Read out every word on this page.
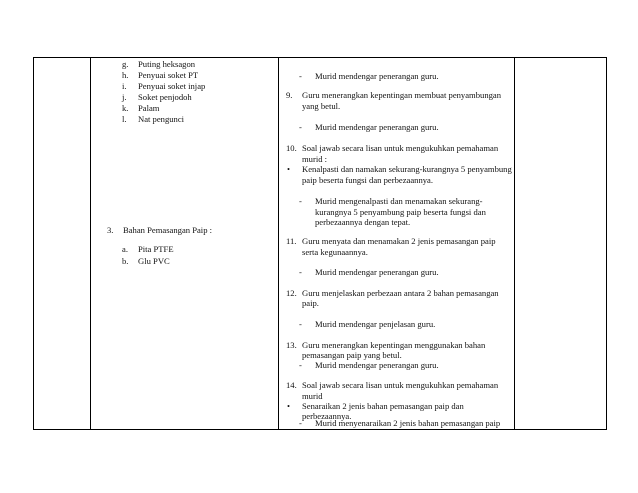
g. Puting heksagon
h. Penyuai soket PT
i. Penyuai soket injap
j. Soket penjodoh
k. Palam
l. Nat pengunci
3. Bahan Pemasangan Paip :
a. Pita PTFE
b. Glu PVC
- Murid mendengar penerangan guru.
9. Guru menerangkan kepentingan membuat penyambungan
yang betul.
- Murid mendengar penerangan guru.
10. Soal jawab secara lisan untuk mengukuhkan pemahaman
murid :
• Kenalpasti dan namakan sekurang-kurangnya 5 penyambung
paip beserta fungsi dan perbezaannya.
- Murid mengenalpasti dan menamakan sekurang-
kurangnya 5 penyambung paip beserta fungsi dan
perbezaannya dengan tepat.
11. Guru menyata dan menamakan 2 jenis pemasangan paip
serta kegunaannya.
- Murid mendengar penerangan guru.
12. Guru menjelaskan perbezaan antara 2 bahan pemasangan
paip.
- Murid mendengar penjelasan guru.
13. Guru menerangkan kepentingan menggunakan bahan
pemasangan paip yang betul.
- Murid mendengar penerangan guru.
14. Soal jawab secara lisan untuk mengukuhkan pemahaman
murid
• Senaraikan 2 jenis bahan pemasangan paip dan
perbezaannya.
- Murid menyenaraikan 2 jenis bahan pemasangan paip
